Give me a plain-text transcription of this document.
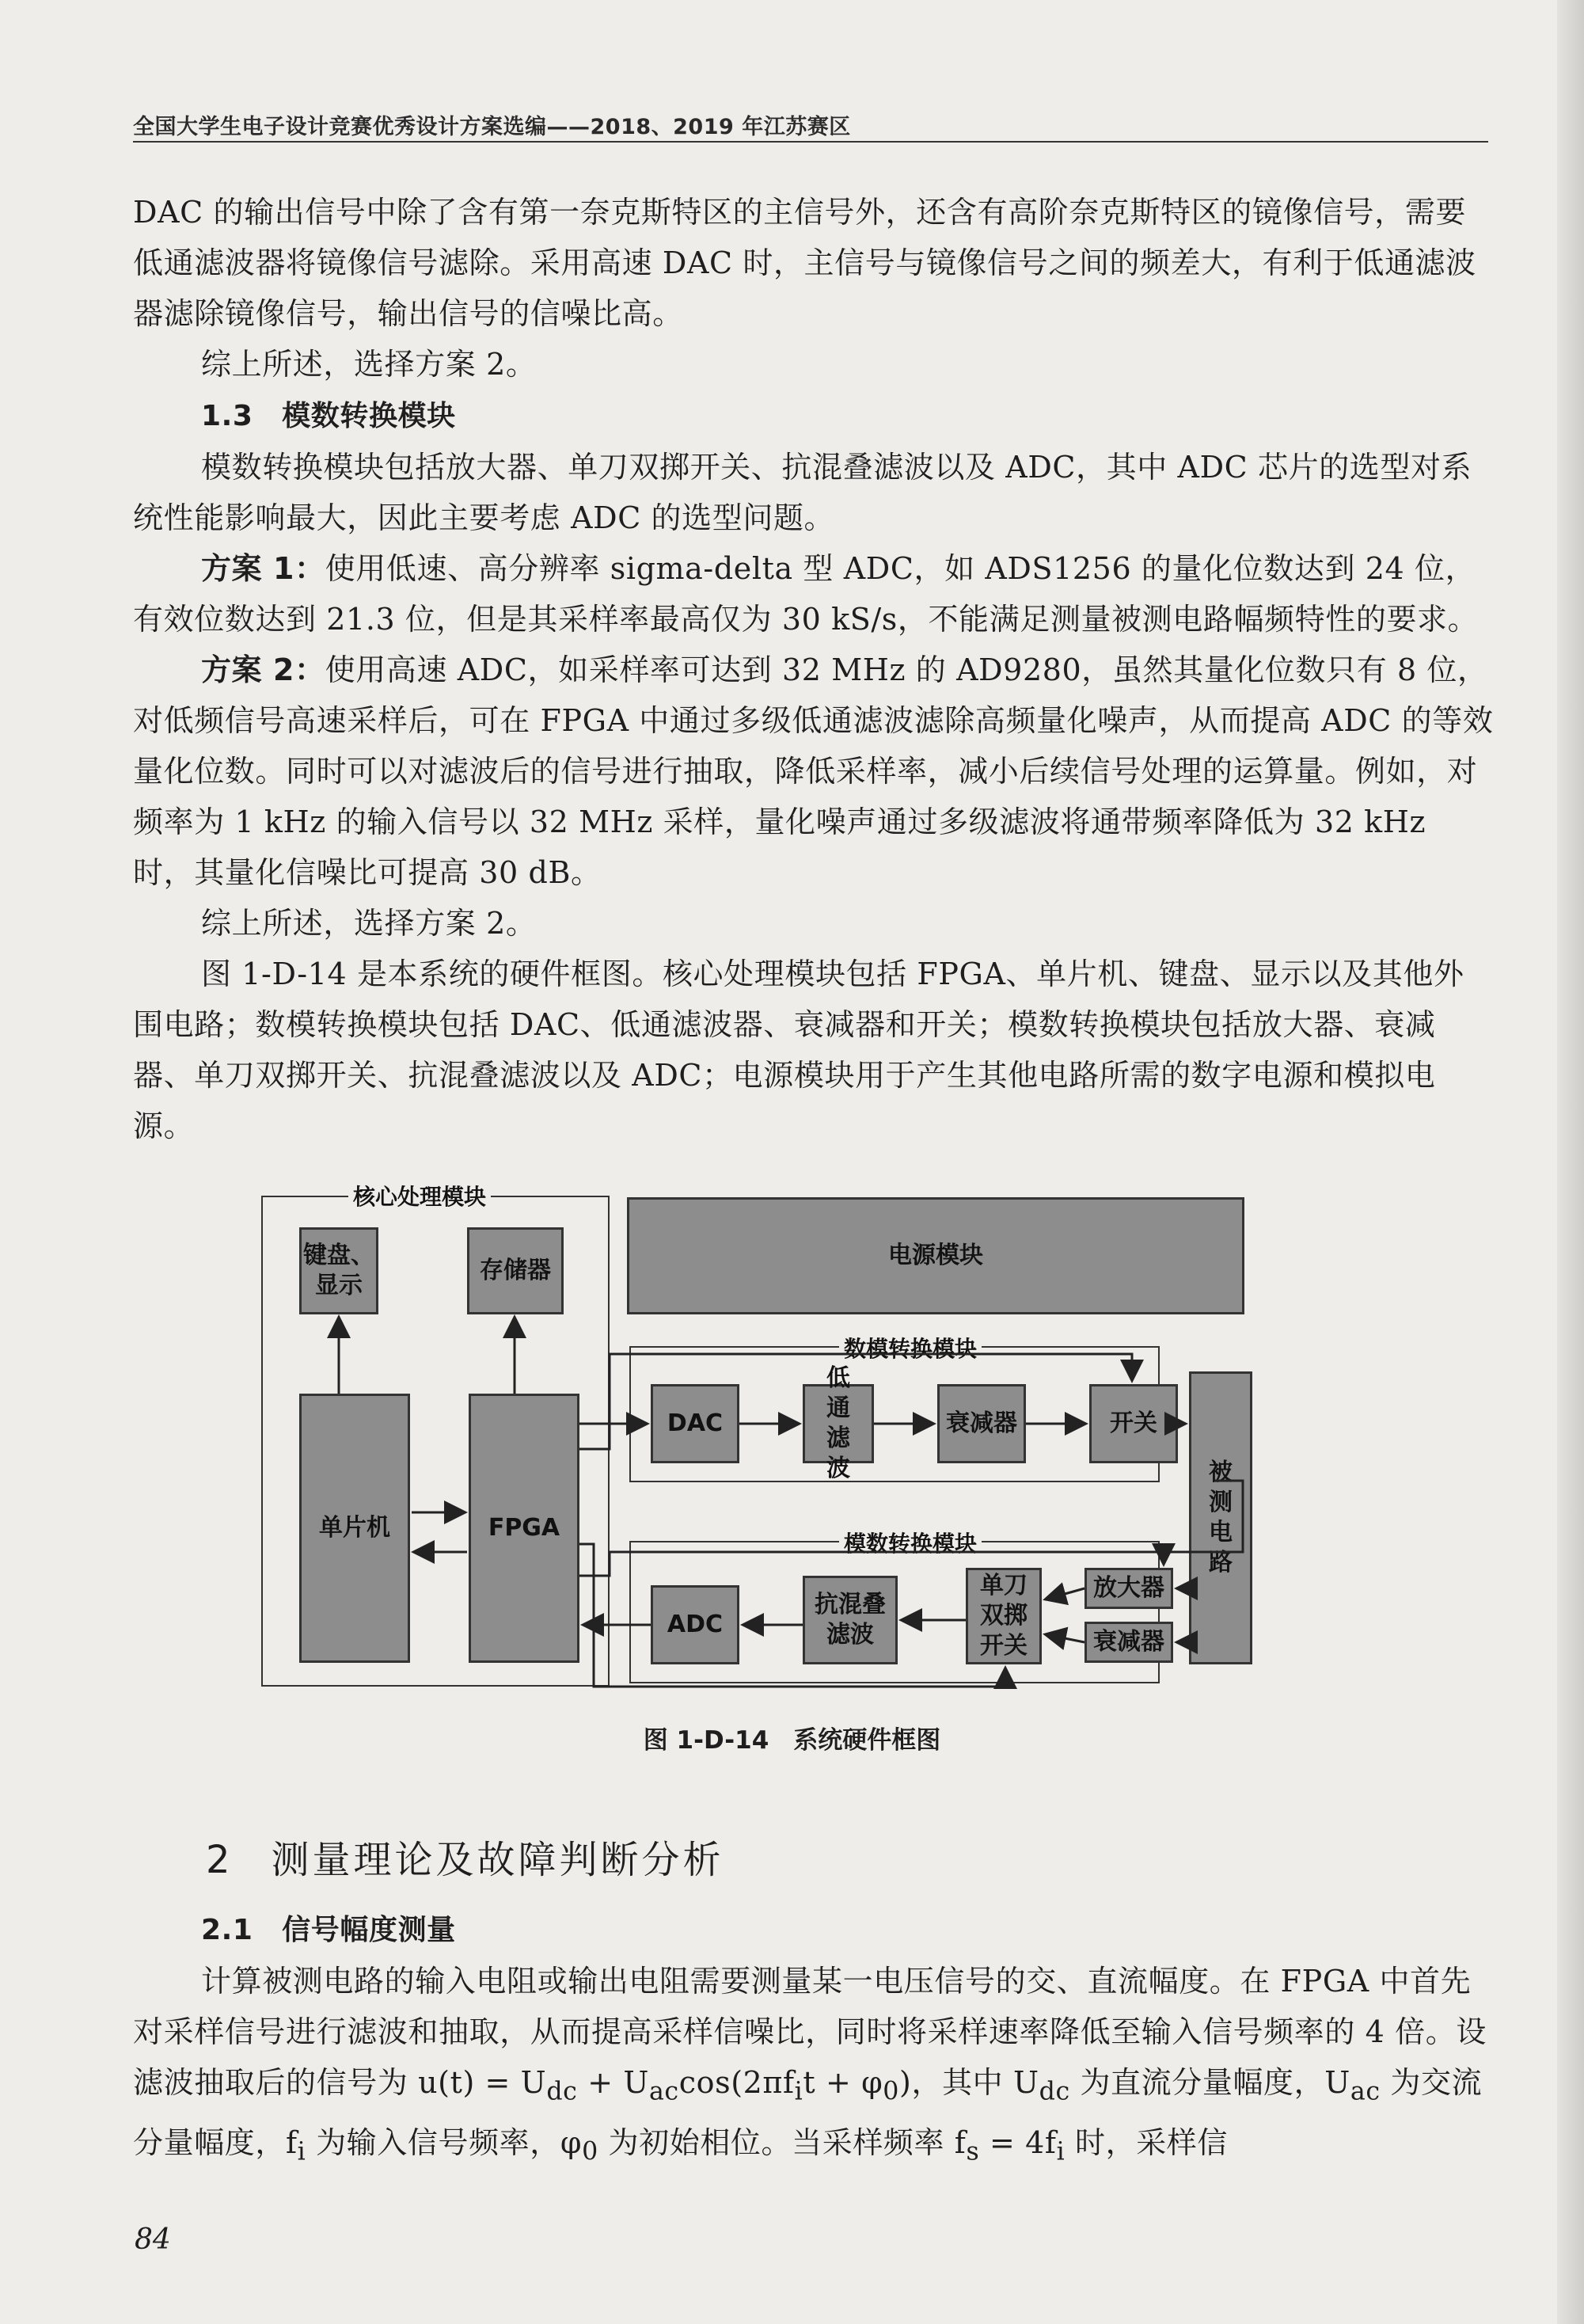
全国大学生电子设计竞赛优秀设计方案选编——2018、2019 年江苏赛区

DAC 的输出信号中除了含有第一奈克斯特区的主信号外，还含有高阶奈克斯特区的镜像信号，需要低通滤波器将镜像信号滤除。采用高速 DAC 时，主信号与镜像信号之间的频差大，有利于低通滤波器滤除镜像信号，输出信号的信噪比高。

综上所述，选择方案 2。

1.3　模数转换模块

模数转换模块包括放大器、单刀双掷开关、抗混叠滤波以及 ADC，其中 ADC 芯片的选型对系统性能影响最大，因此主要考虑 ADC 的选型问题。

方案 1：使用低速、高分辨率 sigma-delta 型 ADC，如 ADS1256 的量化位数达到 24 位，有效位数达到 21.3 位，但是其采样率最高仅为 30 kS/s，不能满足测量被测电路幅频特性的要求。

方案 2：使用高速 ADC，如采样率可达到 32 MHz 的 AD9280，虽然其量化位数只有 8 位，对低频信号高速采样后，可在 FPGA 中通过多级低通滤波滤除高频量化噪声，从而提高 ADC 的等效量化位数。同时可以对滤波后的信号进行抽取，降低采样率，减小后续信号处理的运算量。例如，对频率为 1 kHz 的输入信号以 32 MHz 采样，量化噪声通过多级滤波将通带频率降低为 32 kHz 时，其量化信噪比可提高 30 dB。

综上所述，选择方案 2。

图 1-D-14 是本系统的硬件框图。核心处理模块包括 FPGA、单片机、键盘、显示以及其他外围电路；数模转换模块包括 DAC、低通滤波器、衰减器和开关；模数转换模块包括放大器、衰减器、单刀双掷开关、抗混叠滤波以及 ADC；电源模块用于产生其他电路所需的数字电源和模拟电源。

核心处理模块
键盘、显示
存储器
单片机	FPGA
电源模块
数模转换模块
DAC
低通滤波
衰减器	开关
被测电路
模数转换模块
ADC
抗混叠滤波
单刀双掷开关
放大器
衰减器
图 1-D-14　系统硬件框图
2 测量理论及故障判断分析

2.1　信号幅度测量

计算被测电路的输入电阻或输出电阻需要测量某一电压信号的交、直流幅度。在 FPGA 中首先对采样信号进行滤波和抽取，从而提高采样信噪比，同时将采样速率降低至输入信号频率的 4 倍。设滤波抽取后的信号为 $u(t) = U_{dc} + U_{ac}\cos(2\pi f_it + \varphi_0)$，其中 $U_{dc}$ 为直流分量幅度，$U_{ac}$ 为交流分量幅度，$f_i$ 为输入信号频率，$\varphi_0$ 为初始相位。当采样频率 $f_s = 4f_i$ 时，采样信

84
